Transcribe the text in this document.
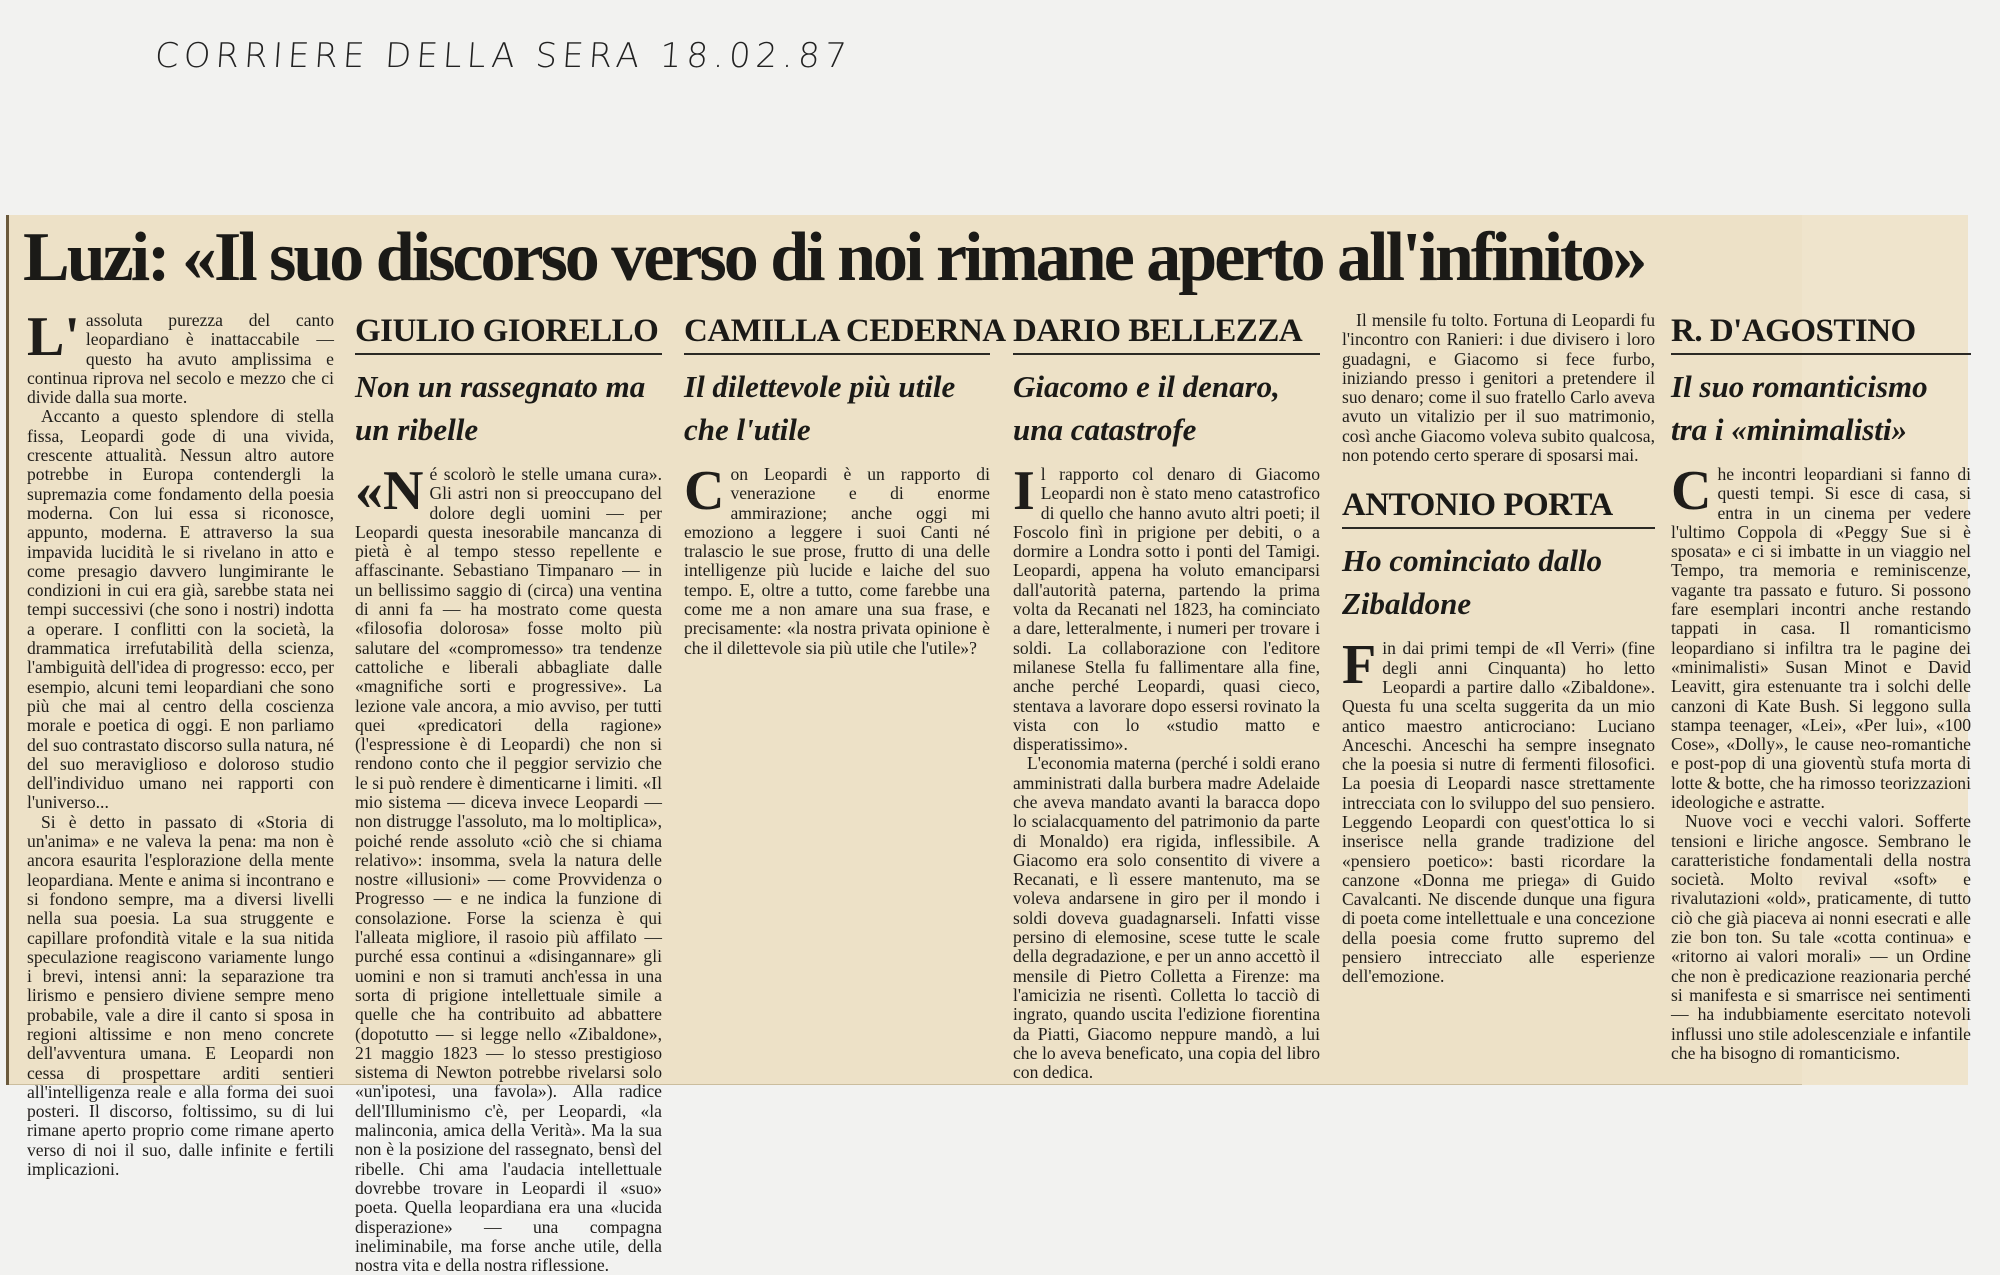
CORRIERE DELLA SERA 18.02.87
Luzi: «Il suo discorso verso di noi rimane aperto all'infinito»

L'assoluta purezza del canto leopardiano è inattaccabile — questo ha avuto amplissima e continua riprova nel secolo e mezzo che ci divide dalla sua morte.

Accanto a questo splendore di stella fissa, Leopardi gode di una vivida, crescente attualità. Nessun altro autore potrebbe in Europa contendergli la supremazia come fondamento della poesia moderna. Con lui essa si riconosce, appunto, moderna. E attraverso la sua impavida lucidità le si rivelano in atto e come presagio davvero lungimirante le condizioni in cui era già, sarebbe stata nei tempi successivi (che sono i nostri) indotta a operare. I conflitti con la società, la drammatica irrefutabilità della scienza, l'ambiguità dell'idea di progresso: ecco, per esempio, alcuni temi leopardiani che sono più che mai al centro della coscienza morale e poetica di oggi. E non parliamo del suo contrastato discorso sulla natura, né del suo meraviglioso e doloroso studio dell'individuo umano nei rapporti con l'universo...

Si è detto in passato di «Storia di un'anima» e ne valeva la pena: ma non è ancora esaurita l'esplorazione della mente leopardiana. Mente e anima si incontrano e si fondono sempre, ma a diversi livelli nella sua poesia. La sua struggente e capillare profondità vitale e la sua nitida speculazione reagiscono variamente lungo i brevi, intensi anni: la separazione tra lirismo e pensiero diviene sempre meno probabile, vale a dire il canto si sposa in regioni altissime e non meno concrete dell'avventura umana. E Leopardi non cessa di prospettare arditi sentieri all'intelligenza reale e alla forma dei suoi posteri. Il discorso, foltissimo, su di lui rimane aperto proprio come rimane aperto verso di noi il suo, dalle infinite e fertili implicazioni.

GIULIO GIORELLO
Non un rassegnato ma un ribelle

«Né scolorò le stelle umana cura». Gli astri non si preoccupano del dolore degli uomini — per Leopardi questa inesorabile mancanza di pietà è al tempo stesso repellente e affascinante. Sebastiano Timpanaro — in un bellissimo saggio di (circa) una ventina di anni fa — ha mostrato come questa «filosofia dolorosa» fosse molto più salutare del «compromesso» tra tendenze cattoliche e liberali abbagliate dalle «magnifiche sorti e progressive». La lezione vale ancora, a mio avviso, per tutti quei «predicatori della ragione» (l'espressione è di Leopardi) che non si rendono conto che il peggior servizio che le si può rendere è dimenticarne i limiti. «Il mio sistema — diceva invece Leopardi — non distrugge l'assoluto, ma lo moltiplica», poiché rende assoluto «ciò che si chiama relativo»: insomma, svela la natura delle nostre «illusioni» — come Provvidenza o Progresso — e ne indica la funzione di consolazione. Forse la scienza è qui l'alleata migliore, il rasoio più affilato — purché essa continui a «disingannare» gli uomini e non si tramuti anch'essa in una sorta di prigione intellettuale simile a quelle che ha contribuito ad abbattere (dopotutto — si legge nello «Zibaldone», 21 maggio 1823 — lo stesso prestigioso sistema di Newton potrebbe rivelarsi solo «un'ipotesi, una favola»). Alla radice dell'Illuminismo c'è, per Leopardi, «la malinconia, amica della Verità». Ma la sua non è la posizione del rassegnato, bensì del ribelle. Chi ama l'audacia intellettuale dovrebbe trovare in Leopardi il «suo» poeta. Quella leopardiana era una «lucida disperazione» — una compagna ineliminabile, ma forse anche utile, della nostra vita e della nostra riflessione.

CAMILLA CEDERNA
Il dilettevole più utile che l'utile

Con Leopardi è un rapporto di venerazione e di enorme ammirazione; anche oggi mi emoziono a leggere i suoi Canti né tralascio le sue prose, frutto di una delle intelligenze più lucide e laiche del suo tempo. E, oltre a tutto, come farebbe una come me a non amare una sua frase, e precisamente: «la nostra privata opinione è che il dilettevole sia più utile che l'utile»?

DARIO BELLEZZA
Giacomo e il denaro, una catastrofe

Il rapporto col denaro di Giacomo Leopardi non è stato meno catastrofico di quello che hanno avuto altri poeti; il Foscolo finì in prigione per debiti, o a dormire a Londra sotto i ponti del Tamigi. Leopardi, appena ha voluto emanciparsi dall'autorità paterna, partendo la prima volta da Recanati nel 1823, ha cominciato a dare, letteralmente, i numeri per trovare i soldi. La collaborazione con l'editore milanese Stella fu fallimentare alla fine, anche perché Leopardi, quasi cieco, stentava a lavorare dopo essersi rovinato la vista con lo «studio matto e disperatissimo».

L'economia materna (perché i soldi erano amministrati dalla burbera madre Adelaide che aveva mandato avanti la baracca dopo lo scialacquamento del patrimonio da parte di Monaldo) era rigida, inflessibile. A Giacomo era solo consentito di vivere a Recanati, e lì essere mantenuto, ma se voleva andarsene in giro per il mondo i soldi doveva guadagnarseli. Infatti visse persino di elemosine, scese tutte le scale della degradazione, e per un anno accettò il mensile di Pietro Colletta a Firenze: ma l'amicizia ne risentì. Colletta lo tacciò di ingrato, quando uscita l'edizione fiorentina da Piatti, Giacomo neppure mandò, a lui che lo aveva beneficato, una copia del libro con dedica.

Il mensile fu tolto. Fortuna di Leopardi fu l'incontro con Ranieri: i due divisero i loro guadagni, e Giacomo si fece furbo, iniziando presso i genitori a pretendere il suo denaro; come il suo fratello Carlo aveva avuto un vitalizio per il suo matrimonio, così anche Giacomo voleva subito qualcosa, non potendo certo sperare di sposarsi mai.

ANTONIO PORTA
Ho cominciato dallo Zibaldone

Fin dai primi tempi de «Il Verri» (fine degli anni Cinquanta) ho letto Leopardi a partire dallo «Zibaldone». Questa fu una scelta suggerita da un mio antico maestro anticrociano: Luciano Anceschi. Anceschi ha sempre insegnato che la poesia si nutre di fermenti filosofici. La poesia di Leopardi nasce strettamente intrecciata con lo sviluppo del suo pensiero. Leggendo Leopardi con quest'ottica lo si inserisce nella grande tradizione del «pensiero poetico»: basti ricordare la canzone «Donna me priega» di Guido Cavalcanti. Ne discende dunque una figura di poeta come intellettuale e una concezione della poesia come frutto supremo del pensiero intrecciato alle esperienze dell'emozione.

R. D'AGOSTINO
Il suo romanticismo tra i «minimalisti»

Che incontri leopardiani si fanno di questi tempi. Si esce di casa, si entra in un cinema per vedere l'ultimo Coppola di «Peggy Sue si è sposata» e ci si imbatte in un viaggio nel Tempo, tra memoria e reminiscenze, vagante tra passato e futuro. Si possono fare esemplari incontri anche restando tappati in casa. Il romanticismo leopardiano si infiltra tra le pagine dei «minimalisti» Susan Minot e David Leavitt, gira estenuante tra i solchi delle canzoni di Kate Bush. Si leggono sulla stampa teenager, «Lei», «Per lui», «100 Cose», «Dolly», le cause neo-romantiche e post-pop di una gioventù stufa morta di lotte & botte, che ha rimosso teorizzazioni ideologiche e astratte.

Nuove voci e vecchi valori. Sofferte tensioni e liriche angosce. Sembrano le caratteristiche fondamentali della nostra società. Molto revival «soft» e rivalutazioni «old», praticamente, di tutto ciò che già piaceva ai nonni esecrati e alle zie bon ton. Su tale «cotta continua» e «ritorno ai valori morali» — un Ordine che non è predicazione reazionaria perché si manifesta e si smarrisce nei sentimenti — ha indubbiamente esercitato notevoli influssi uno stile adolescenziale e infantile che ha bisogno di romanticismo.
